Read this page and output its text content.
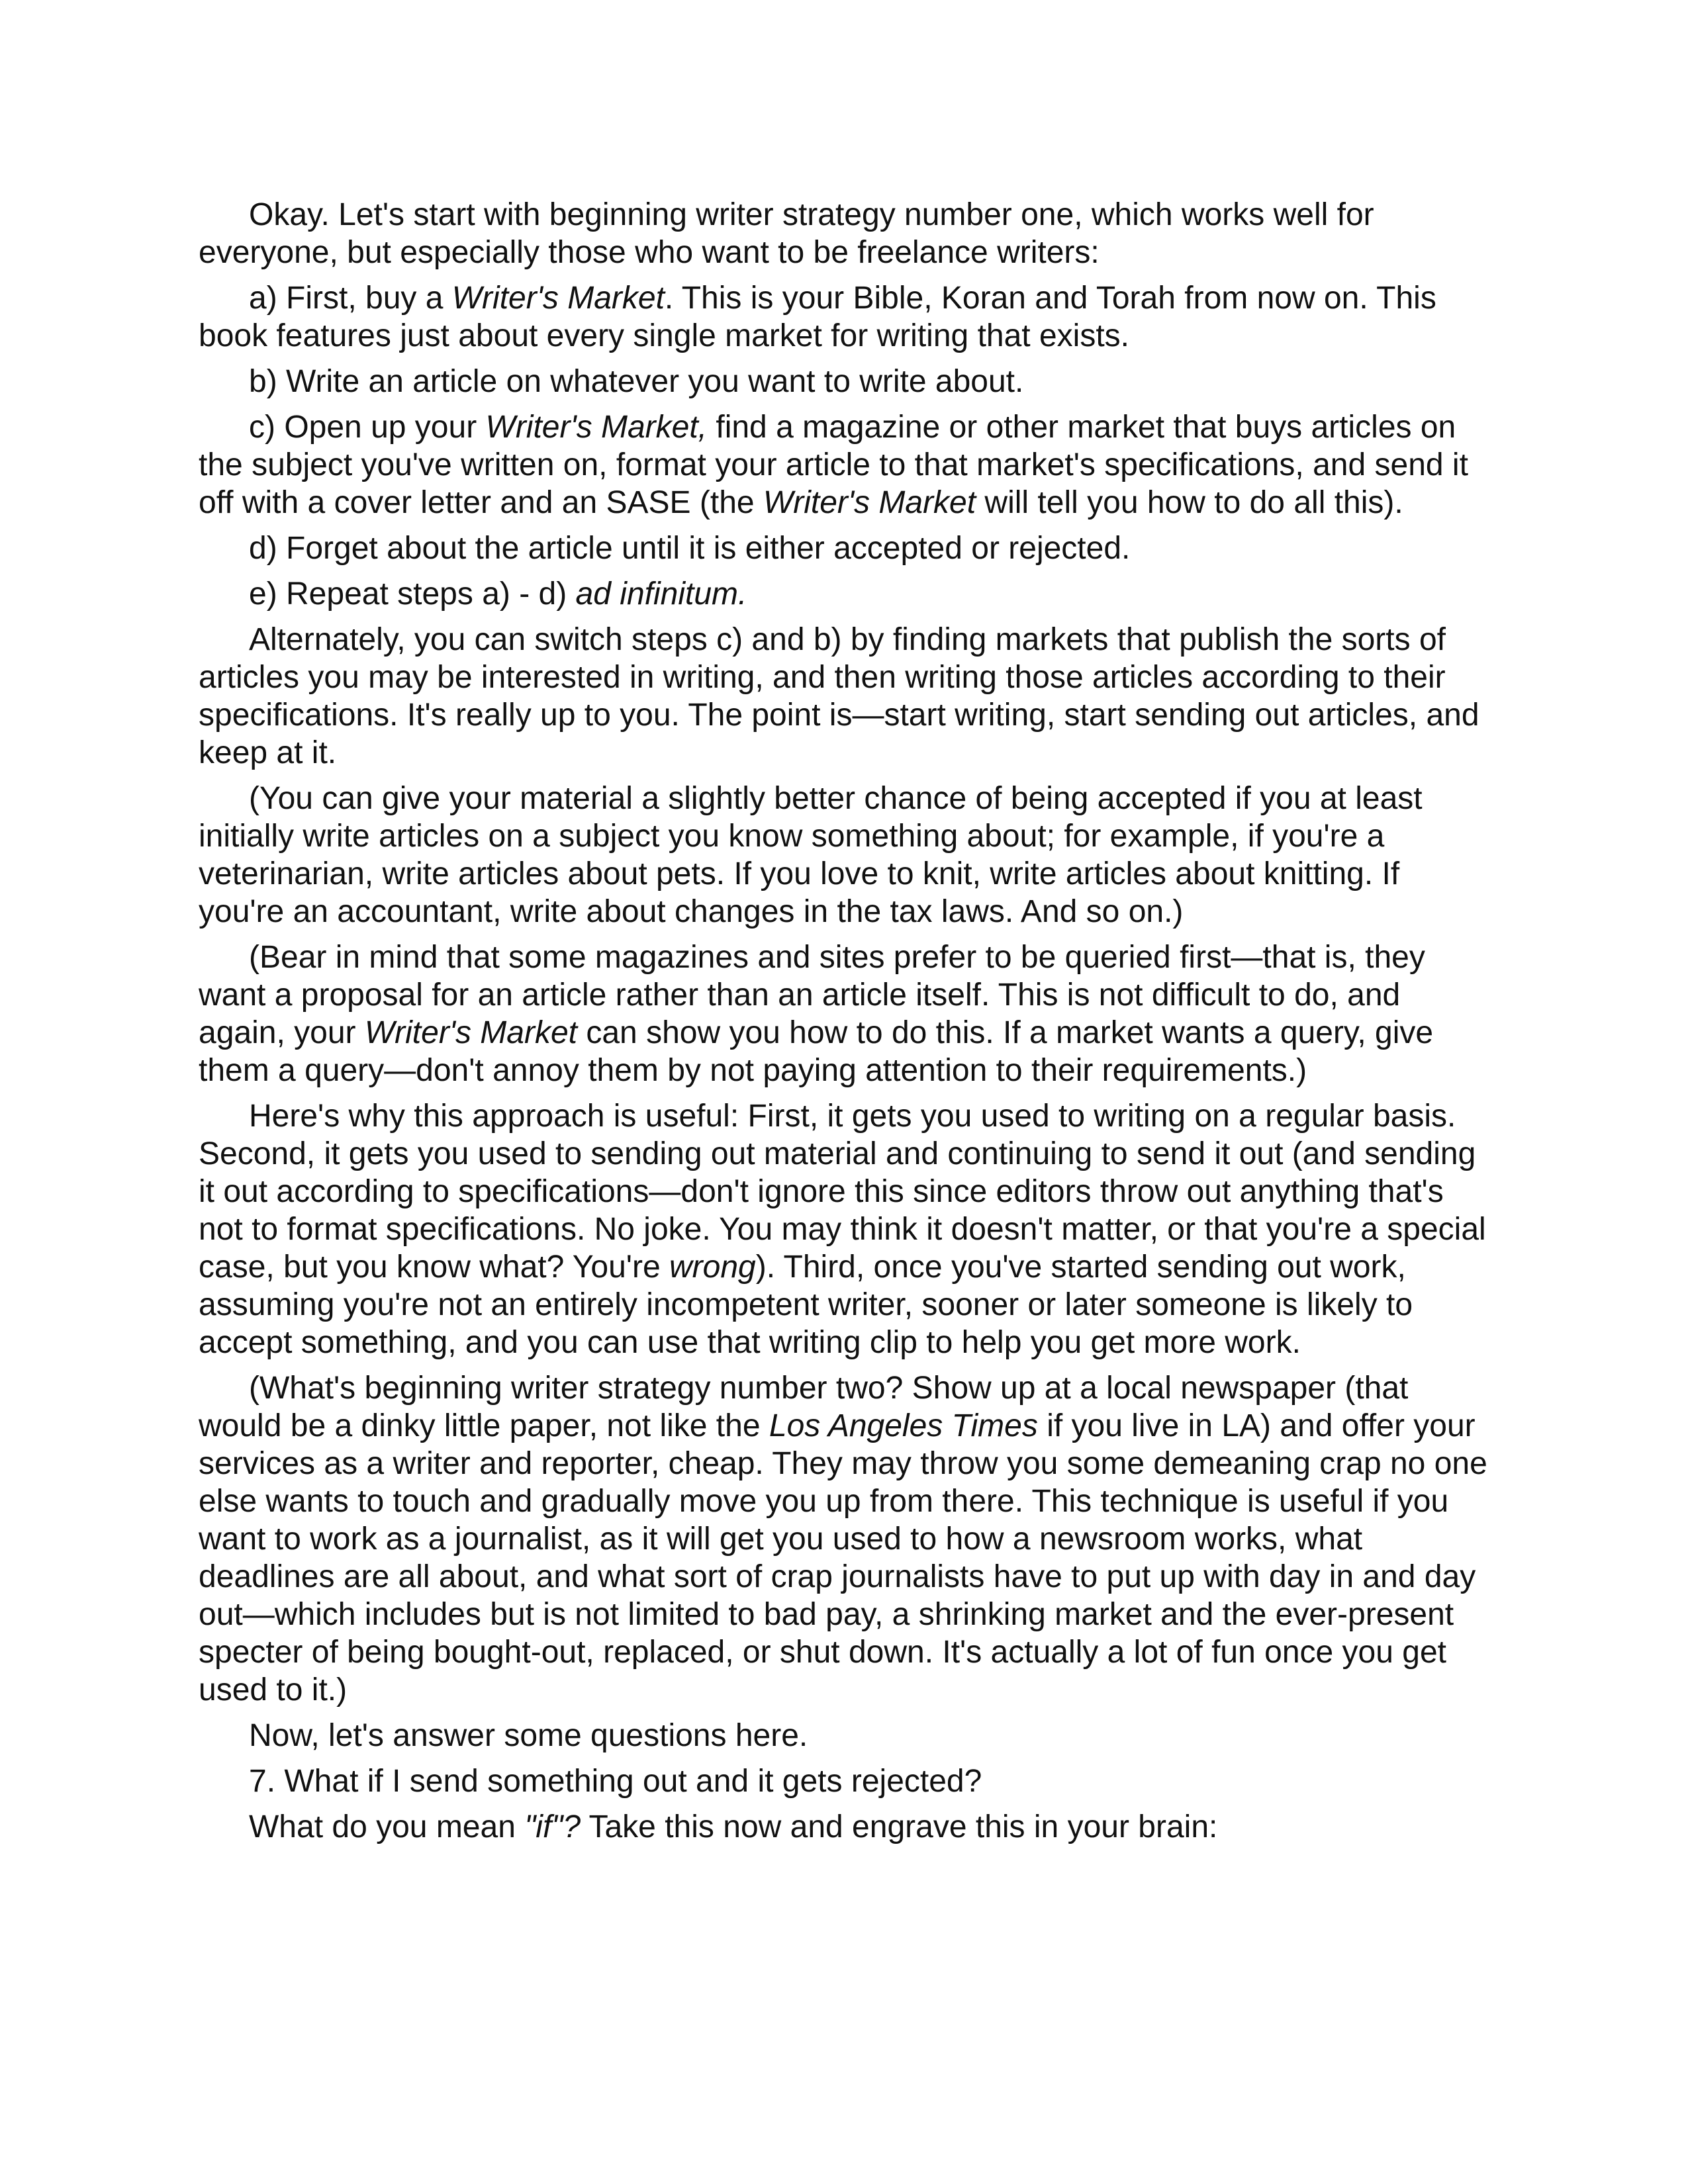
Okay. Let's start with beginning writer strategy number one, which works well for everyone, but especially those who want to be freelance writers:

a) First, buy a Writer's Market. This is your Bible, Koran and Torah from now on. This book features just about every single market for writing that exists.

b) Write an article on whatever you want to write about.

c) Open up your Writer's Market, find a magazine or other market that buys articles on the subject you've written on, format your article to that market's specifications, and send it off with a cover letter and an SASE (the Writer's Market will tell you how to do all this).

d) Forget about the article until it is either accepted or rejected.

e) Repeat steps a) - d) ad infinitum.

Alternately, you can switch steps c) and b) by finding markets that publish the sorts of articles you may be interested in writing, and then writing those articles according to their specifications. It's really up to you. The point is—start writing, start sending out articles, and keep at it.

(You can give your material a slightly better chance of being accepted if you at least initially write articles on a subject you know something about; for example, if you're a veterinarian, write articles about pets. If you love to knit, write articles about knitting. If you're an accountant, write about changes in the tax laws. And so on.)

(Bear in mind that some magazines and sites prefer to be queried first—that is, they want a proposal for an article rather than an article itself. This is not difficult to do, and again, your Writer's Market can show you how to do this. If a market wants a query, give them a query—don't annoy them by not paying attention to their requirements.)

Here's why this approach is useful: First, it gets you used to writing on a regular basis. Second, it gets you used to sending out material and continuing to send it out (and sending it out according to specifications—don't ignore this since editors throw out anything that's not to format specifications. No joke. You may think it doesn't matter, or that you're a special case, but you know what? You're wrong). Third, once you've started sending out work, assuming you're not an entirely incompetent writer, sooner or later someone is likely to accept something, and you can use that writing clip to help you get more work.

(What's beginning writer strategy number two? Show up at a local newspaper (that would be a dinky little paper, not like the Los Angeles Times if you live in LA) and offer your services as a writer and reporter, cheap. They may throw you some demeaning crap no one else wants to touch and gradually move you up from there. This technique is useful if you want to work as a journalist, as it will get you used to how a newsroom works, what deadlines are all about, and what sort of crap journalists have to put up with day in and day out—which includes but is not limited to bad pay, a shrinking market and the ever-present specter of being bought-out, replaced, or shut down. It's actually a lot of fun once you get used to it.)

Now, let's answer some questions here.

7. What if I send something out and it gets rejected?

What do you mean "if"? Take this now and engrave this in your brain:
